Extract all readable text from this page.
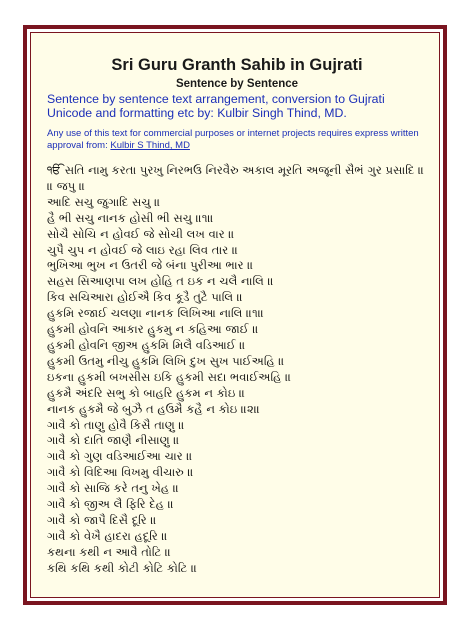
Sri Guru Granth Sahib in Gujrati

Sentence by Sentence

Sentence by sentence text arrangement, conversion to Gujrati Unicode and formatting etc by: Kulbir Singh Thind, MD.

Any use of this text for commercial purposes or internet projects requires express written approval from: Kulbir S Thind, MD

ੴ સતિ નામુ કરતા પુરખુ નિરભઉ નિરવૈરુ અકાલ મૂરતિ અજૂની સૈભં ગુર પ્રસાદિ ॥

॥ જપુ ॥

આદિ સચુ જુગાદિ સચુ ॥

હૈ ભી સચુ નાનક હોસી ભી સચુ ॥૧॥

સોચૈ સોચિ ન હોવઈ જે સોચી લખ વાર ॥

ચુપૈ ચુપ ન હોવઈ જે લાઇ રહા લિવ તાર ॥

ભુખિઆ ભુખ ન ઉતરી જે બંના પુરીઆ ભાર ॥

સહસ સિઆણપા લખ હોહિ ત ઇક ન ચલૈ નાલિ ॥

કિવ સચિઆરા હોઈઐ કિવ કૂડૈ તુટૈ પાલિ ॥

હુકમિ રજાઈ ચલણા નાનક લિખિઆ નાલિ ॥૧॥

હુકમી હોવનિ આકાર હુકમુ ન કહિઆ જાઈ ॥

હુકમી હોવનિ જીઅ હુકમિ મિલૈ વડિઆઈ ॥

હુકમી ઉતમુ નીચુ હુકમિ લિખિ દુખ સુખ પાઈઅહિ ॥

ઇકના હુકમી બખસીસ ઇકિ હુકમી સદા ભવાઈઅહિ ॥

હુકમૈ અંદરિ સભુ કો બાહરિ હુકમ ન કોઇ ॥

નાનક હુકમૈ જે બુઝૈ ત હઉમૈ કહૈ ન કોઇ ॥૨॥

ગાવૈ કો તાણુ હોવૈ કિસૈ તાણુ ॥

ગાવૈ કો દાતિ જાણૈ નીસાણુ ॥

ગાવૈ કો ગુણ વડિઆઈઆ ચાર ॥

ગાવૈ કો વિદિઆ વિખમુ વીચારુ ॥

ગાવૈ કો સાજિ કરે તનુ ખેહ ॥

ગાવૈ કો જીઅ લૈ ફિરિ દેહ ॥

ગાવૈ કો જાપૈ દિસૈ દૂરિ ॥

ગાવૈ કો વેખૈ હાદરા હદૂરિ ॥

કથના કથી ન આવૈ તોટિ ॥

કથિ કથિ કથી કોટી કોટિ કોટિ ॥
